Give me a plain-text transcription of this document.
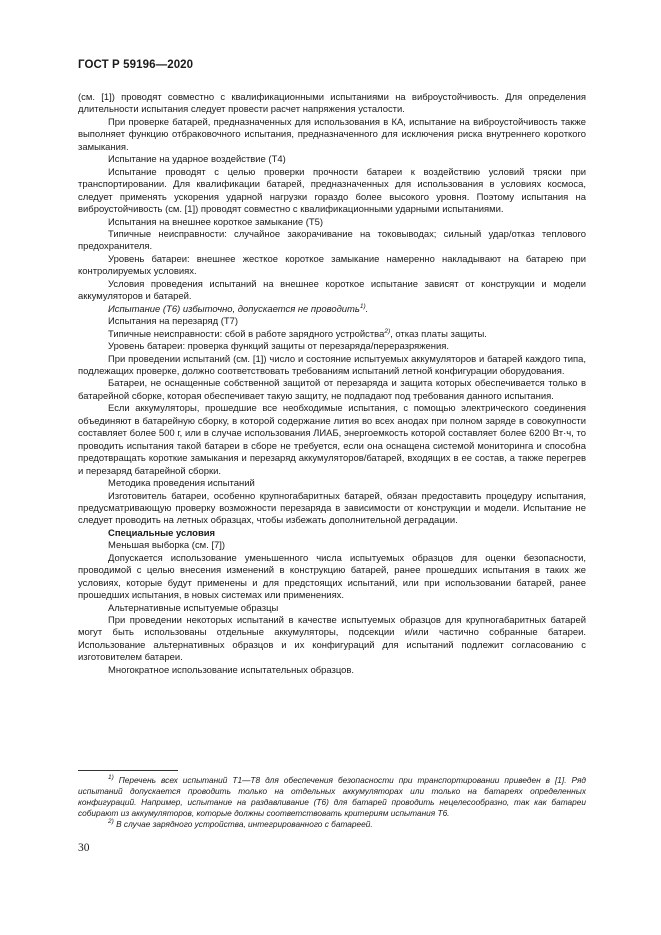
ГОСТ Р 59196—2020

(см. [1]) проводят совместно с квалификационными испытаниями на виброустойчивость. Для определения длительности испытания следует провести расчет напряжения усталости.

При проверке батарей, предназначенных для использования в КА, испытание на виброустойчивость также выполняет функцию отбраковочного испытания, предназначенного для исключения риска внутреннего короткого замыкания.

Испытание на ударное воздействие (Т4)

Испытание проводят с целью проверки прочности батареи к воздействию условий тряски при транспортировании. Для квалификации батарей, предназначенных для использования в условиях космоса, следует применять ускорения ударной нагрузки гораздо более высокого уровня. Поэтому испытания на виброустойчивость (см. [1]) проводят совместно с квалификационными ударными испытаниями.

Испытания на внешнее короткое замыкание (Т5)

Типичные неисправности: случайное закорачивание на токовыводах; сильный удар/отказ теплового предохранителя.

Уровень батареи: внешнее жесткое короткое замыкание намеренно накладывают на батарею при контролируемых условиях.

Условия проведения испытаний на внешнее короткое испытание зависят от конструкции и модели аккумуляторов и батарей.

Испытание (Т6) избыточно, допускается не проводить$^{1)}$.

Испытания на перезаряд (Т7)

Типичные неисправности: сбой в работе зарядного устройства$^{2)}$, отказ платы защиты.

Уровень батареи: проверка функций защиты от перезаряда/переразряжения.

При проведении испытаний (см. [1]) число и состояние испытуемых аккумуляторов и батарей каждого типа, подлежащих проверке, должно соответствовать требованиям испытаний летной конфигурации оборудования.

Батареи, не оснащенные собственной защитой от перезаряда и защита которых обеспечивается только в батарейной сборке, которая обеспечивает такую защиту, не подпадают под требования данного испытания.

Если аккумуляторы, прошедшие все необходимые испытания, с помощью электрического соединения объединяют в батарейную сборку, в которой содержание лития во всех анодах при полном заряде в совокупности составляет более 500 г, или в случае использования ЛИАБ, энергоемкость которой составляет более 6200 Вт·ч, то проводить испытания такой батареи в сборе не требуется, если она оснащена системой мониторинга и способна предотвращать короткие замыкания и перезаряд аккумуляторов/батарей, входящих в ее состав, а также перегрев и перезаряд батарейной сборки.

Методика проведения испытаний

Изготовитель батареи, особенно крупногабаритных батарей, обязан предоставить процедуру испытания, предусматривающую проверку возможности перезаряда в зависимости от конструкции и модели. Испытание не следует проводить на летных образцах, чтобы избежать дополнительной деградации.

Специальные условия

Меньшая выборка (см. [7])

Допускается использование уменьшенного числа испытуемых образцов для оценки безопасности, проводимой с целью внесения изменений в конструкцию батарей, ранее прошедших испытания в таких же условиях, которые будут применены и для предстоящих испытаний, или при использовании батарей, ранее прошедших испытания, в новых системах или применениях.

Альтернативные испытуемые образцы

При проведении некоторых испытаний в качестве испытуемых образцов для крупногабаритных батарей могут быть использованы отдельные аккумуляторы, подсекции и/или частично собранные батареи. Использование альтернативных образцов и их конфигураций для испытаний подлежит согласованию с изготовителем батареи.

Многократное использование испытательных образцов.

$^{1)}$ Перечень всех испытаний Т1—Т8 для обеспечения безопасности при транспортировании приведен в [1]. Ряд испытаний допускается проводить только на отдельных аккумуляторах или только на батареях определенных конфигураций. Например, испытание на раздавливание (Т6) для батарей проводить нецелесообразно, так как батареи собирают из аккумуляторов, которые должны соответствовать критериям испытания Т6.

$^{2)}$ В случае зарядного устройства, интегрированного с батареей.

30
